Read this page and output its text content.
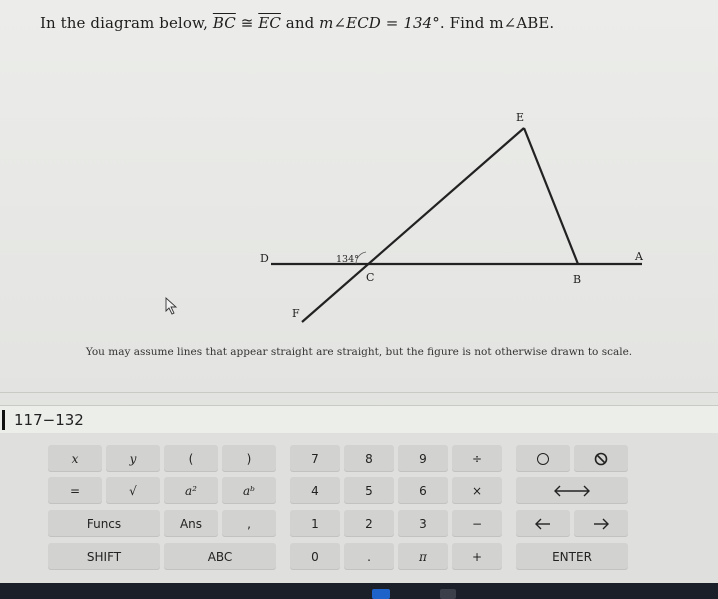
In the diagram below, $\overline{BC}$ ≅ $\overline{EC}$ and m∠ECD = 134°. Find m∠ABE.
E
D	A
C	B
F
134°
You may assume lines that appear straight are straight, but the figure is not otherwise drawn to scale.
117−132
x	y	(	)	7	8	9	÷
=	√	a²	aᵇ	4	5	6	×
Funcs	Ans	,	1	2	3	−
SHIFT	ABC	0	.	π	+	ENTER
